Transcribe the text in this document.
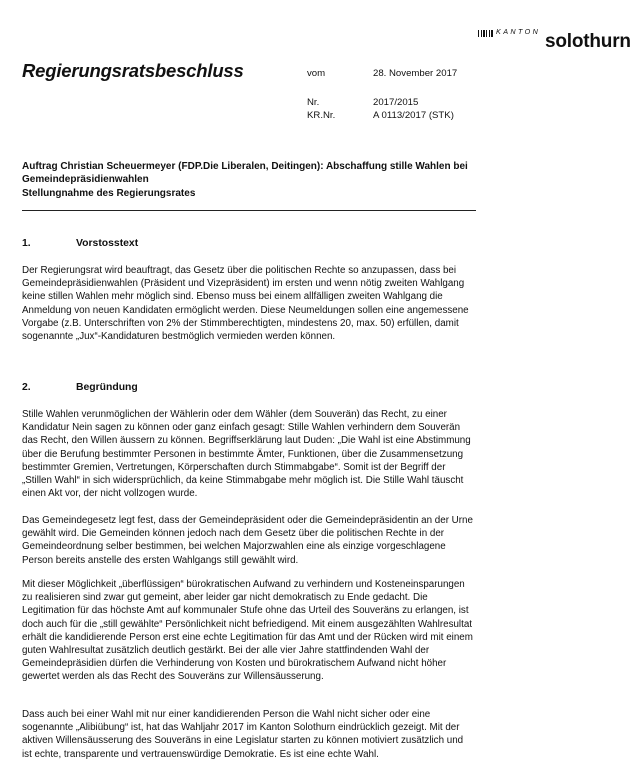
KANTON solothurn
Regierungsratsbeschluss	vom	28. November 2017
Nr.	2017/2015
KR.Nr.	A 0113/2017 (STK)
Auftrag Christian Scheuermeyer (FDP.Die Liberalen, Deitingen): Abschaffung stille Wahlen bei Gemeindepräsidienwahlen
Stellungnahme des Regierungsrates
1.	Vorstosstext
Der Regierungsrat wird beauftragt, das Gesetz über die politischen Rechte so anzupassen, dass bei Gemeindepräsidienwahlen (Präsident und Vizepräsident) im ersten und wenn nötig zweiten Wahlgang keine stillen Wahlen mehr möglich sind. Ebenso muss bei einem allfälligen zweiten Wahlgang die Anmeldung von neuen Kandidaten ermöglicht werden. Diese Neumeldungen sollen eine angemessene Vorgabe (z.B. Unterschriften von 2% der Stimmberechtigten, mindestens 20, max. 50) erfüllen, damit sogenannte „Jux“-Kandidaturen bestmöglich vermieden werden können.
2.	Begründung
Stille Wahlen verunmöglichen der Wählerin oder dem Wähler (dem Souverän) das Recht, zu einer Kandidatur Nein sagen zu können oder ganz einfach gesagt: Stille Wahlen verhindern dem Souverän das Recht, den Willen äussern zu können. Begriffserklärung laut Duden: „Die Wahl ist eine Abstimmung über die Berufung bestimmter Personen in bestimmte Ämter, Funktionen, über die Zusammensetzung bestimmter Gremien, Vertretungen, Körperschaften durch Stimmabgabe“. Somit ist der Begriff der „Stillen Wahl“ in sich widersprüchlich, da keine Stimmabgabe mehr möglich ist. Die Stille Wahl täuscht einen Akt vor, der nicht vollzogen wurde.
Das Gemeindegesetz legt fest, dass der Gemeindepräsident oder die Gemeindepräsidentin an der Urne gewählt wird. Die Gemeinden können jedoch nach dem Gesetz über die politischen Rechte in der Gemeindeordnung selber bestimmen, bei welchen Majorzwahlen eine als einzige vorgeschlagene Person bereits anstelle des ersten Wahlgangs still gewählt wird.
Mit dieser Möglichkeit „überflüssigen“ bürokratischen Aufwand zu verhindern und Kosteneinsparungen zu realisieren sind zwar gut gemeint, aber leider gar nicht demokratisch zu Ende gedacht. Die Legitimation für das höchste Amt auf kommunaler Stufe ohne das Urteil des Souveräns zu erlangen, ist doch auch für die „still gewählte“ Persönlichkeit nicht befriedigend. Mit einem ausgezählten Wahlresultat erhält die kandidierende Person erst eine echte Legitimation für das Amt und der Rücken wird mit einem guten Wahlresultat zusätzlich deutlich gestärkt. Bei der alle vier Jahre stattfindenden Wahl der Gemeindepräsidien dürfen die Verhinderung von Kosten und bürokratischem Aufwand nicht höher gewertet werden als das Recht des Souveräns zur Willensäusserung.
Dass auch bei einer Wahl mit nur einer kandidierenden Person die Wahl nicht sicher oder eine sogenannte „Alibiübung“ ist, hat das Wahljahr 2017 im Kanton Solothurn eindrücklich gezeigt. Mit der aktiven Willensäusserung des Souveräns in eine Legislatur starten zu können motiviert zusätzlich und ist echte, transparente und vertrauenswürdige Demokratie. Es ist eine echte Wahl.
